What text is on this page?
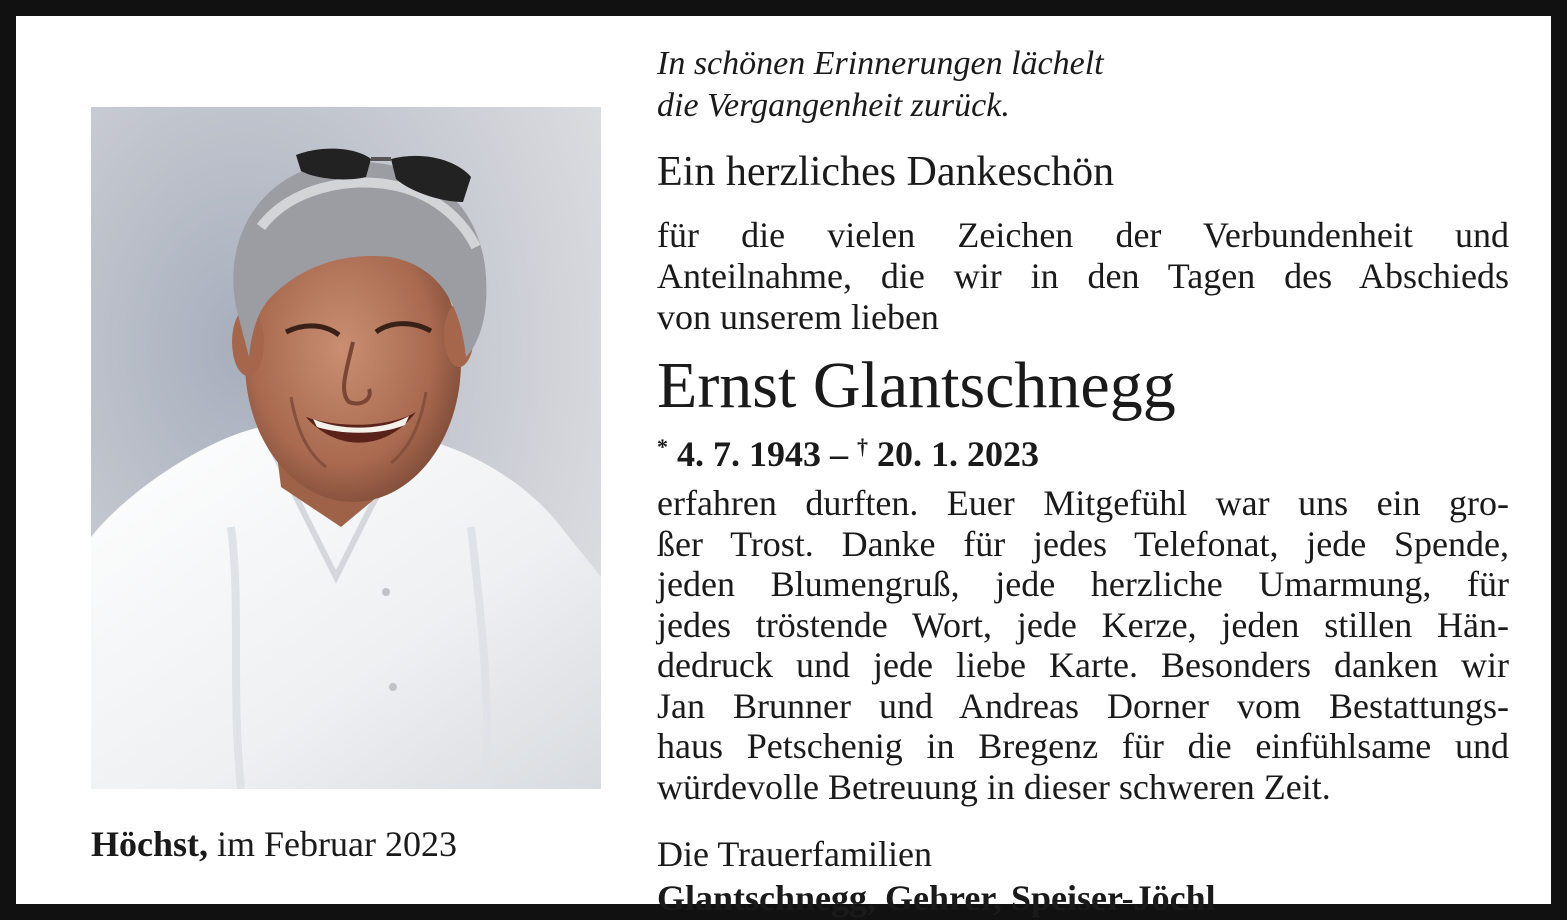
Höchst, im Februar 2023

In schönen Erinnerungen lächelt
die Vergangenheit zurück.

Ein herzliches Dankeschön

für die vielen Zeichen der Verbundenheit und
Anteilnahme, die wir in den Tagen des Abschieds
von unserem lieben

Ernst Glantschnegg

* 4. 7. 1943 – † 20. 1. 2023

erfahren durften. Euer Mitgefühl war uns ein gro-
ßer Trost. Danke für jedes Telefonat, jede Spende,
jeden Blumengruß, jede herzliche Umarmung, für
jedes tröstende Wort, jede Kerze, jeden stillen Hän-
dedruck und jede liebe Karte. Besonders danken wir
Jan Brunner und Andreas Dorner vom Bestattungs-
haus Petschenig in Bregenz für die einfühlsame und
würdevolle Betreuung in dieser schweren Zeit.

Die Trauerfamilien

Glantschnegg, Gehrer, Speiser-Jöchl
